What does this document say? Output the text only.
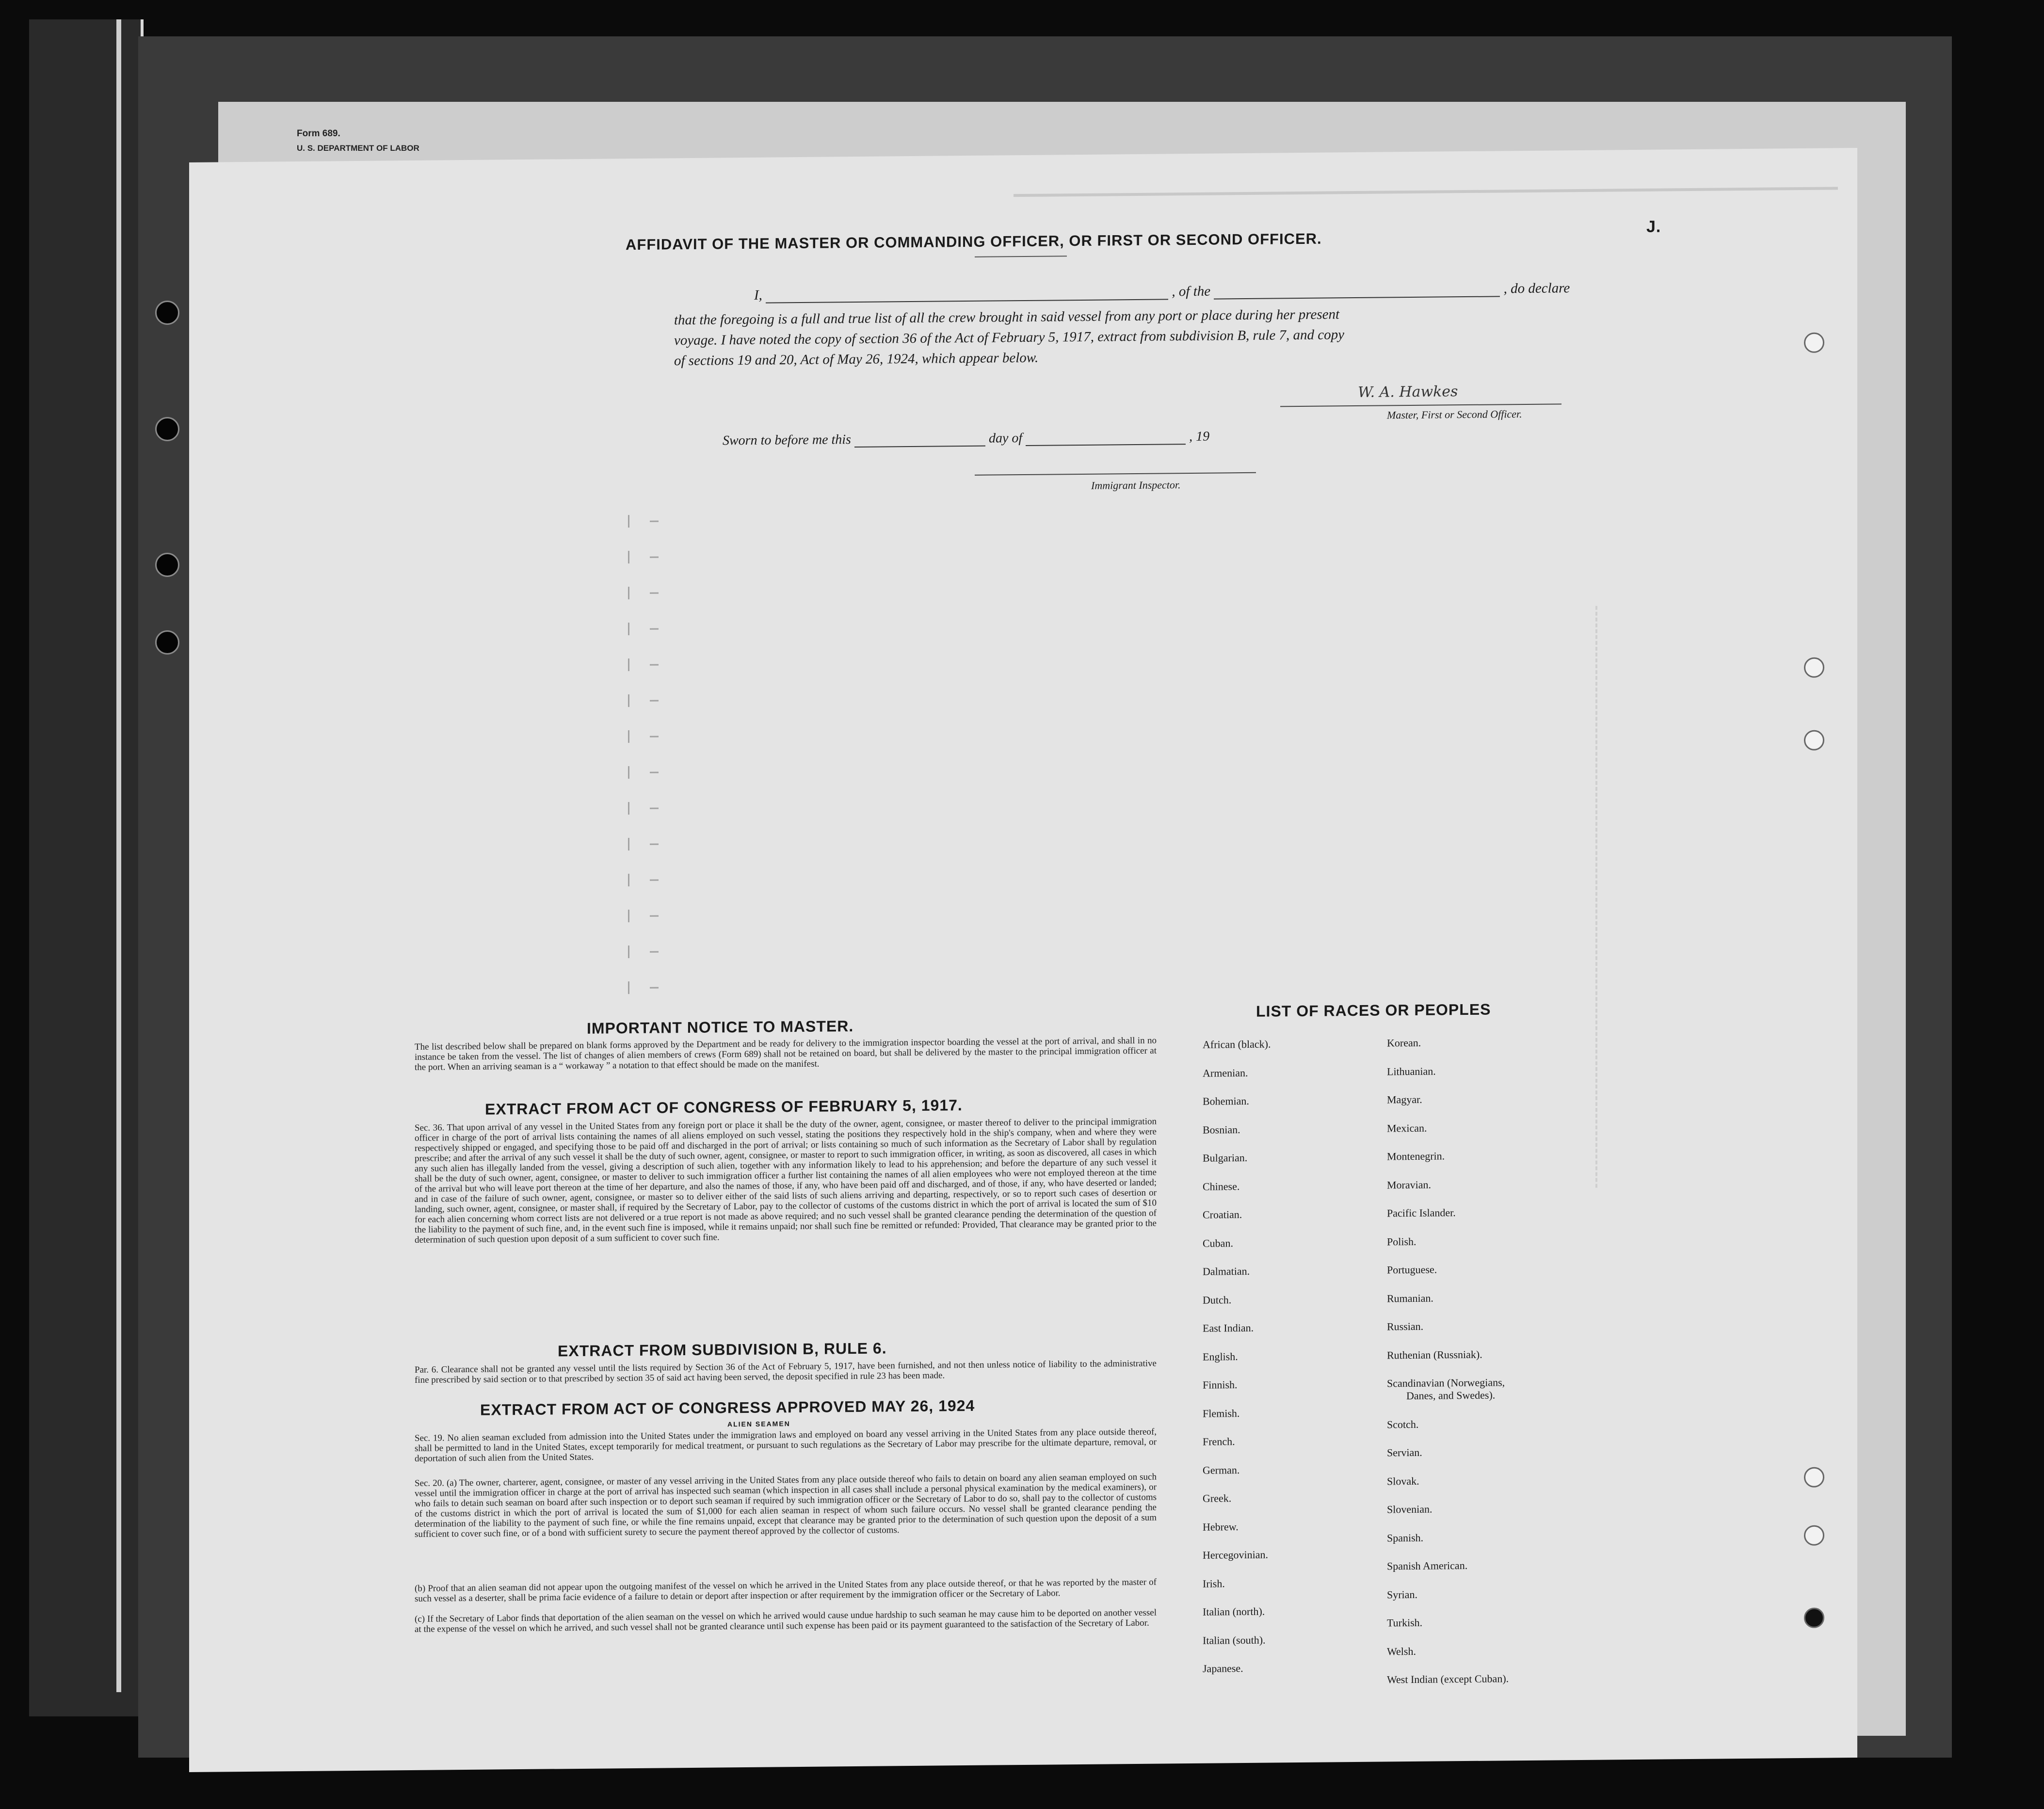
Form 689.
U. S. DEPARTMENT OF LABOR
J.
AFFIDAVIT OF THE MASTER OR COMMANDING OFFICER, OR FIRST OR SECOND OFFICER.
I,	, of the	, do declare
that the foregoing is a full and true list of all the crew brought in said vessel from any port or place during her present
voyage. I have noted the copy of section 36 of the Act of February 5, 1917, extract from subdivision B, rule 7, and copy
of sections 19 and 20, Act of May 26, 1924, which appear below.
W. A. Hawkes
Master, First or Second Officer.
Sworn to before me this	day of	, 19
Immigrant Inspector.
IMPORTANT NOTICE TO MASTER.
The list described below shall be prepared on blank forms approved by the Department and be ready for delivery to the immigration inspector boarding the vessel at the port of arrival, and shall in no instance be taken from the vessel. The list of changes of alien members of crews (Form 689) shall not be retained on board, but shall be delivered by the master to the principal immigration officer at the port. When an arriving seaman is a “ workaway ” a notation to that effect should be made on the manifest.
EXTRACT FROM ACT OF CONGRESS OF FEBRUARY 5, 1917.
Sec. 36. That upon arrival of any vessel in the United States from any foreign port or place it shall be the duty of the owner, agent, consignee, or master thereof to deliver to the principal immigration officer in charge of the port of arrival lists containing the names of all aliens employed on such vessel, stating the positions they respectively hold in the ship's company, when and where they were respectively shipped or engaged, and specifying those to be paid off and discharged in the port of arrival; or lists containing so much of such information as the Secretary of Labor shall by regulation prescribe; and after the arrival of any such vessel it shall be the duty of such owner, agent, consignee, or master to report to such immigration officer, in writing, as soon as discovered, all cases in which any such alien has illegally landed from the vessel, giving a description of such alien, together with any information likely to lead to his apprehension; and before the departure of any such vessel it shall be the duty of such owner, agent, consignee, or master to deliver to such immigration officer a further list containing the names of all alien employees who were not employed thereon at the time of the arrival but who will leave port thereon at the time of her departure, and also the names of those, if any, who have been paid off and discharged, and of those, if any, who have deserted or landed; and in case of the failure of such owner, agent, consignee, or master so to deliver either of the said lists of such aliens arriving and departing, respectively, or so to report such cases of desertion or landing, such owner, agent, consignee, or master shall, if required by the Secretary of Labor, pay to the collector of customs of the customs district in which the port of arrival is located the sum of $10 for each alien concerning whom correct lists are not delivered or a true report is not made as above required; and no such vessel shall be granted clearance pending the determination of the question of the liability to the payment of such fine, and, in the event such fine is imposed, while it remains unpaid; nor shall such fine be remitted or refunded: Provided, That clearance may be granted prior to the determination of such question upon deposit of a sum sufficient to cover such fine.
EXTRACT FROM SUBDIVISION B, RULE 6.
Par. 6. Clearance shall not be granted any vessel until the lists required by Section 36 of the Act of February 5, 1917, have been furnished, and not then unless notice of liability to the administrative fine prescribed by said section or to that prescribed by section 35 of said act having been served, the deposit specified in rule 23 has been made.
EXTRACT FROM ACT OF CONGRESS APPROVED MAY 26, 1924
ALIEN SEAMEN
Sec. 19. No alien seaman excluded from admission into the United States under the immigration laws and employed on board any vessel arriving in the United States from any place outside thereof, shall be permitted to land in the United States, except temporarily for medical treatment, or pursuant to such regulations as the Secretary of Labor may prescribe for the ultimate departure, removal, or deportation of such alien from the United States.
Sec. 20. (a) The owner, charterer, agent, consignee, or master of any vessel arriving in the United States from any place outside thereof who fails to detain on board any alien seaman employed on such vessel until the immigration officer in charge at the port of arrival has inspected such seaman (which inspection in all cases shall include a personal physical examination by the medical examiners), or who fails to detain such seaman on board after such inspection or to deport such seaman if required by such immigration officer or the Secretary of Labor to do so, shall pay to the collector of customs of the customs district in which the port of arrival is located the sum of $1,000 for each alien seaman in respect of whom such failure occurs. No vessel shall be granted clearance pending the determination of the liability to the payment of such fine, or while the fine remains unpaid, except that clearance may be granted prior to the determination of such question upon the deposit of a sum sufficient to cover such fine, or of a bond with sufficient surety to secure the payment thereof approved by the collector of customs.
(b) Proof that an alien seaman did not appear upon the outgoing manifest of the vessel on which he arrived in the United States from any place outside thereof, or that he was reported by the master of such vessel as a deserter, shall be prima facie evidence of a failure to detain or deport after inspection or after requirement by the immigration officer or the Secretary of Labor.
(c) If the Secretary of Labor finds that deportation of the alien seaman on the vessel on which he arrived would cause undue hardship to such seaman he may cause him to be deported on another vessel at the expense of the vessel on which he arrived, and such vessel shall not be granted clearance until such expense has been paid or its payment guaranteed to the satisfaction of the Secretary of Labor.
LIST OF RACES OR PEOPLES
African (black).
Armenian.
Bohemian.
Bosnian.
Bulgarian.
Chinese.
Croatian.
Cuban.
Dalmatian.
Dutch.
East Indian.
English.
Finnish.
Flemish.
French.
German.
Greek.
Hebrew.
Hercegovinian.
Irish.
Italian (north).
Italian (south).
Japanese.
Korean.
Lithuanian.
Magyar.
Mexican.
Montenegrin.
Moravian.
Pacific Islander.
Polish.
Portuguese.
Rumanian.
Russian.
Ruthenian (Russniak).
Scandinavian (Norwegians,
Danes, and Swedes).
Scotch.
Servian.
Slovak.
Slovenian.
Spanish.
Spanish American.
Syrian.
Turkish.
Welsh.
West Indian (except Cuban).
